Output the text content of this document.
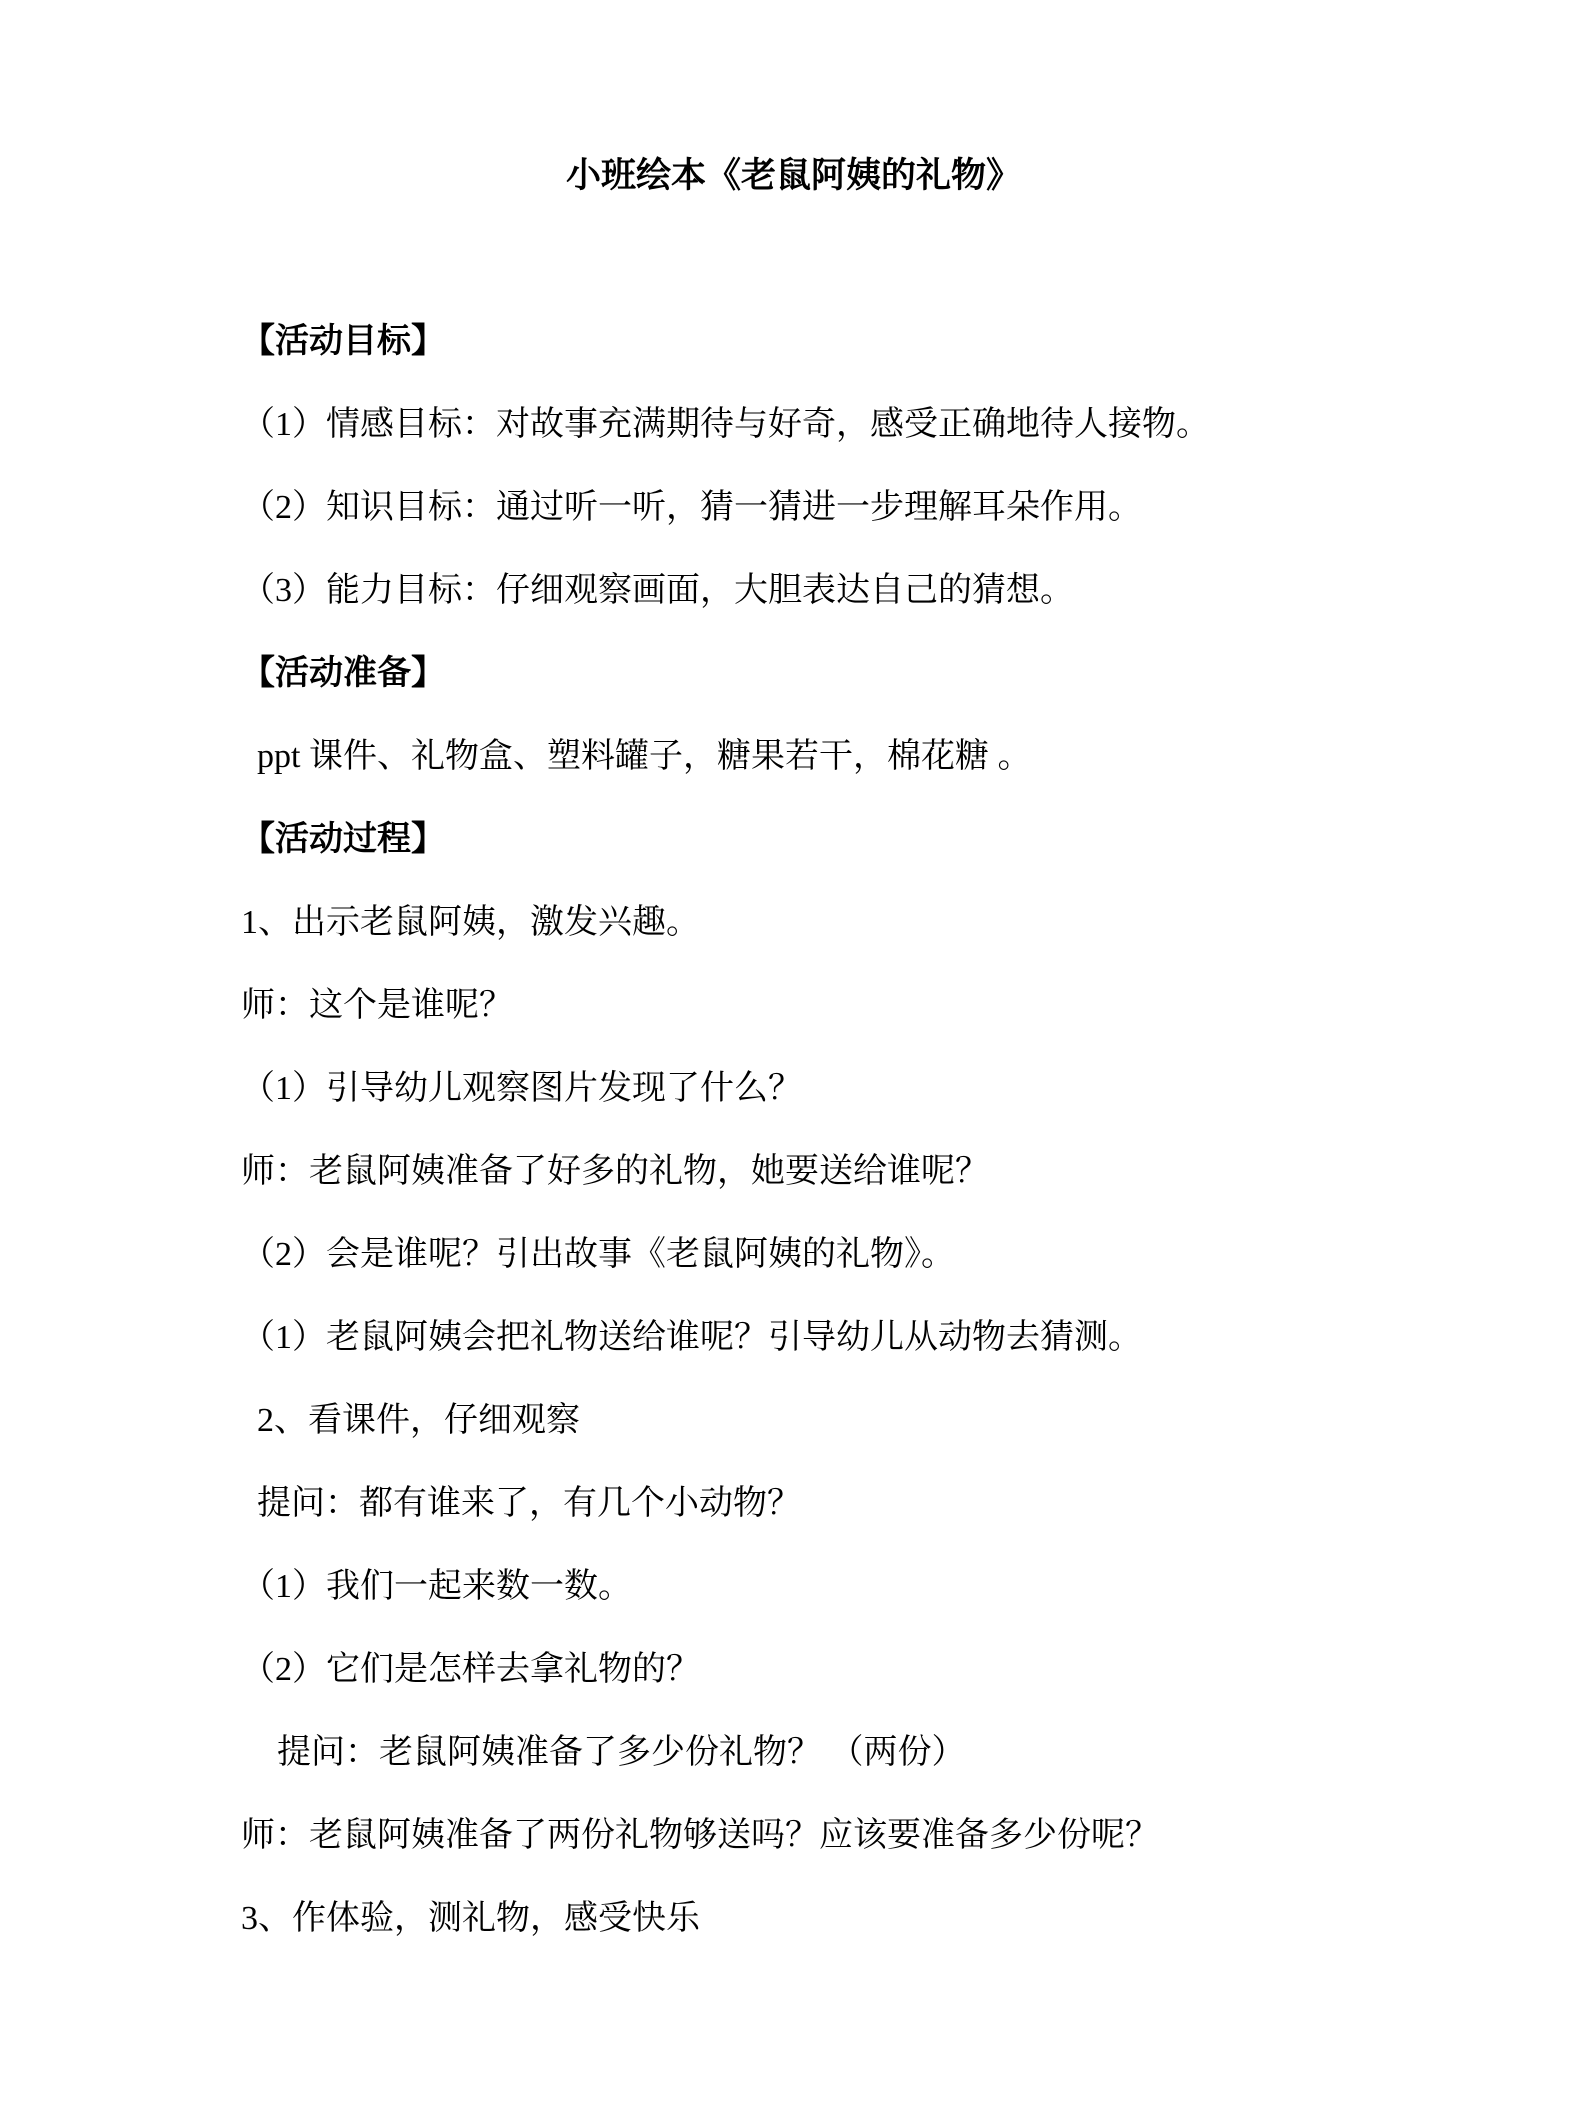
小班绘本《老鼠阿姨的礼物》
【活动目标】
（1）情感目标：对故事充满期待与好奇，感受正确地待人接物。
（2）知识目标：通过听一听，猜一猜进一步理解耳朵作用。
（3）能力目标：仔细观察画面，大胆表达自己的猜想。
【活动准备】
ppt 课件、礼物盒、塑料罐子，糖果若干，棉花糖 。
【活动过程】
1、出示老鼠阿姨，激发兴趣。
师：这个是谁呢？
（1）引导幼儿观察图片发现了什么？
师：老鼠阿姨准备了好多的礼物，她要送给谁呢？
（2）会是谁呢？引出故事《老鼠阿姨的礼物》。
（1）老鼠阿姨会把礼物送给谁呢？引导幼儿从动物去猜测。
2、看课件，仔细观察
提问：都有谁来了，有几个小动物？
（1）我们一起来数一数。
（2）它们是怎样去拿礼物的？
提问：老鼠阿姨准备了多少份礼物？ （两份）
师：老鼠阿姨准备了两份礼物够送吗？应该要准备多少份呢？
3、作体验，测礼物，感受快乐
